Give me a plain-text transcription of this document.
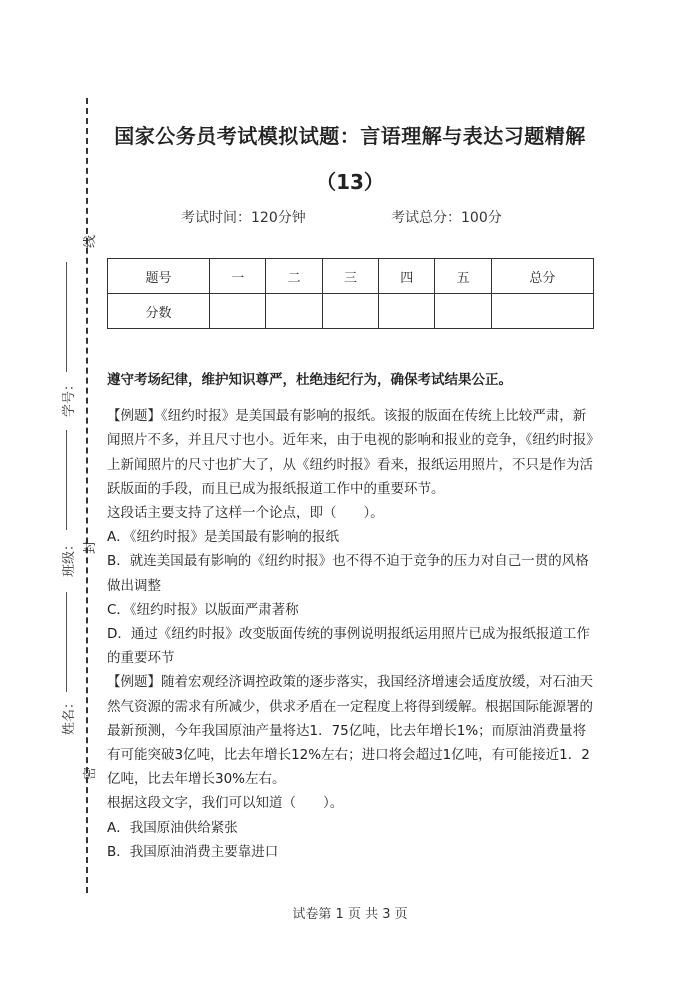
线
封
密
学号：
班级：
姓名：
国家公务员考试模拟试题：言语理解与表达习题精解
（13）
考试时间：120分钟	考试总分：100分
题号	一	二	三	四	五	总分
分数						

遵守考场纪律，维护知识尊严，杜绝违纪行为，确保考试结果公正。

【例题】《纽约时报》是美国最有影响的报纸。该报的版面在传统上比较严肃，新闻照片不多，并且尺寸也小。近年来，由于电视的影响和报业的竞争，《纽约时报》上新闻照片的尺寸也扩大了，从《纽约时报》看来，报纸运用照片，不只是作为活跃版面的手段，而且已成为报纸报道工作中的重要环节。

这段话主要支持了这样一个论点，即（　　）。

A．《纽约时报》是美国最有影响的报纸

B．就连美国最有影响的《纽约时报》也不得不迫于竞争的压力对自己一贯的风格做出调整

C．《纽约时报》以版面严肃著称

D．通过《纽约时报》改变版面传统的事例说明报纸运用照片已成为报纸报道工作的重要环节

【例题】随着宏观经济调控政策的逐步落实，我国经济增速会适度放缓，对石油天然气资源的需求有所减少，供求矛盾在一定程度上将得到缓解。根据国际能源署的最新预测，今年我国原油产量将达1．75亿吨，比去年增长1%；而原油消费量将有可能突破3亿吨，比去年增长12%左右；进口将会超过1亿吨，有可能接近1．2亿吨，比去年增长30%左右。

根据这段文字，我们可以知道（　　）。

A．我国原油供给紧张

B．我国原油消费主要靠进口

试卷第 1 页 共 3 页
